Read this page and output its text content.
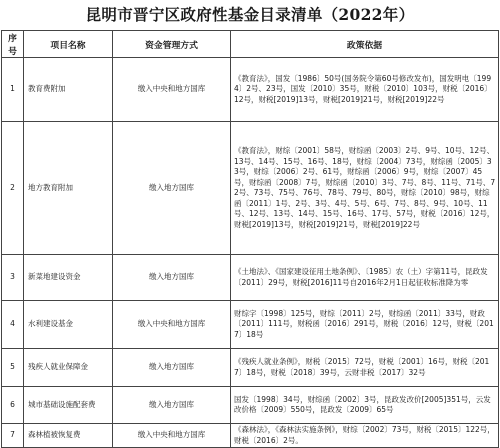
昆明市晋宁区政府性基金目录清单（2022年）
序号	项目名称	资金管理方式	政策依据
1	教育费附加	缴入中央和地方国库	《教育法》，国发〔1986〕50号(国务院令第60号修改发布)，国发明电〔1994〕2号、23号，国发〔2010〕35号，财税〔2010〕103号，财税〔2016〕12号，财税[2019]13号，财税[2019]21号，财税[2019]22号
2	地方教育附加	缴入地方国库	《教育法》，财综〔2001〕58号，财综函〔2003〕2号、9号、10号、12号、13号、14号、15号、16号、18号，财综〔2004〕73号，财综函〔2005〕33号，财综〔2006〕2号、61号，财综函〔2006〕9号，财综〔2007〕45号，财综函〔2008〕7号，财综函〔2010〕3号、7号、8号、11号、71号、72号、73号、75号、76号、78号、79号、80号，财综〔2010〕98号，财综函〔2011〕1号、2号、3号、4号、5号、6号、7号、8号、9号、10号、11号、12号、13号、14号、15号、16号、17号、57号，财税〔2016〕12号，财税[2019]13号，财税[2019]21号，财税[2019]22号
3	新菜地建设资金	缴入地方国库	《土地法》、《国家建设征用土地条例》、〔1985〕农（土）字第11号，昆政发〔2011〕29号，财税[2016]11号自2016年2月1日起征收标准降为零
4	水利建设基金	缴入中央和地方国库	财综字〔1998〕125号，财综〔2011〕2号，财综函〔2011〕33号，财政〔2011〕111号，财税函〔2016〕291号，财税〔2016〕12号，财税〔2017〕18号
5	残疾人就业保障金	缴入地方国库	《残疾人就业条例》，财税〔2015〕72号，财税〔2001〕16号，财税〔2017〕18号，财税〔2018〕39号，云财非税〔2017〕32号
6	城市基础设施配套费	缴入地方国库	国发〔1998〕34号，财综函〔2002〕3号，昆政发改价[2005]351号，云发改价格〔2009〕550号，昆政发〔2009〕65号
7	森林植被恢复费	缴入中央和地方国库	《森林法》，《森林法实施条例》，财综〔2002〕73号，财税〔2015〕122号，财税〔2016〕2号。
